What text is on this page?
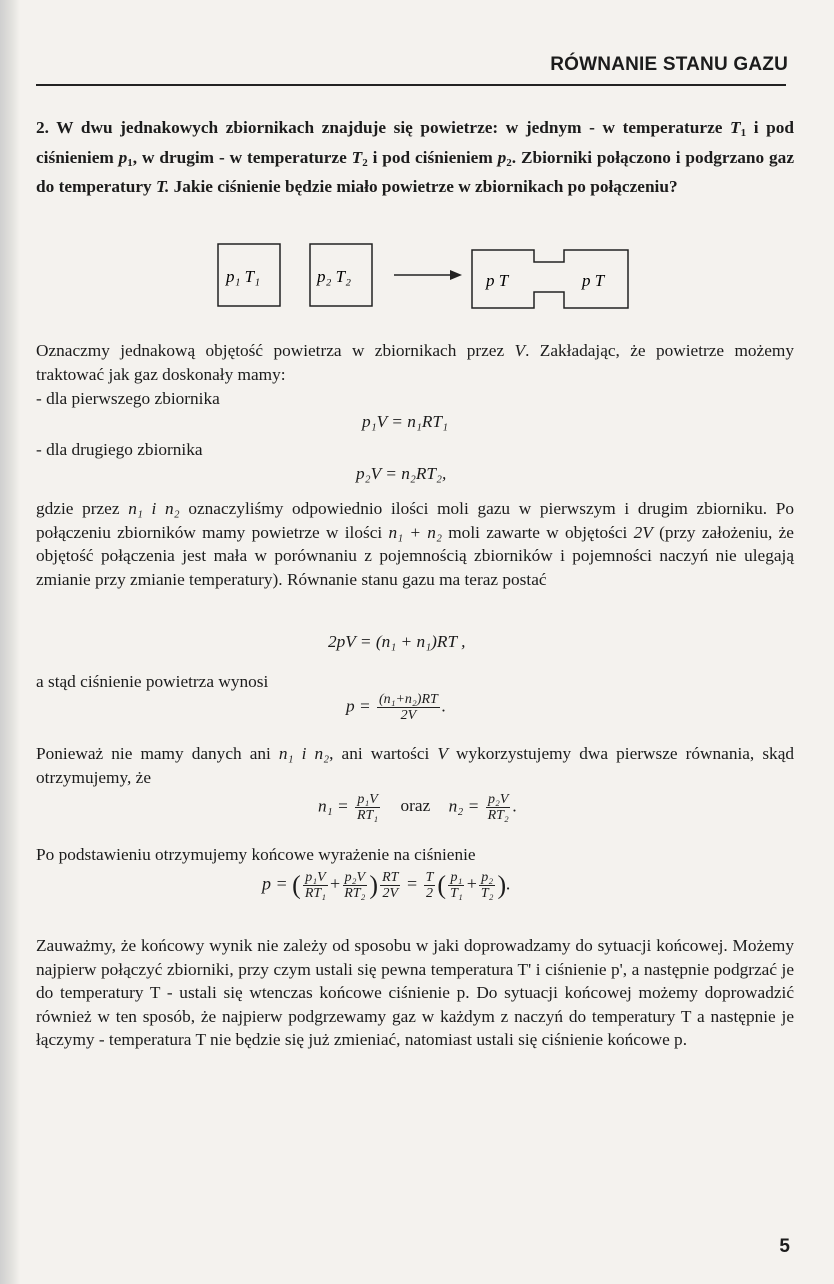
RÓWNANIE STANU GAZU
2. W dwu jednakowych zbiornikach znajduje się powietrze: w jednym - w temperaturze $T_1$ i pod ciśnieniem $p_1$, w drugim - w temperaturze $T_2$ i pod ciśnieniem $p_2$. Zbiorniki połączono i podgrzano gaz do temperatury T. Jakie ciśnienie będzie miało powietrze w zbiornikach po połączeniu?
p₁ T₁	p₂ T₂	p T	p T
Oznaczmy jednakową objętość powietrza w zbiornikach przez V. Zakładając, że powietrze możemy traktować jak gaz doskonały mamy:
- dla pierwszego zbiornika
p₁V = n₁RT₁
- dla drugiego zbiornika
p₂V = n₂RT₂,
gdzie przez n₁ i n₂ oznaczyliśmy odpowiednio ilości moli gazu w pierwszym i drugim zbiorniku. Po połączeniu zbiorników mamy powietrze w ilości n₁ + n₂ moli zawarte w objętości 2V (przy założeniu, że objętość połączenia jest mała w porównaniu z pojemnością zbiorników i pojemności naczyń nie ulegają zmianie przy zmianie temperatury). Równanie stanu gazu ma teraz postać
2pV = (n₁ + n₁)RT ,
a stąd ciśnienie powietrza wynosi
$p = \frac{\text{(n₁+n₂)RT}}{2V}$ .
Ponieważ nie mamy danych ani n₁ i n₂, ani wartości V wykorzystujemy dwa pierwsze równania, skąd otrzymujemy, że
$n_1 = \frac{\text{p₁V}}{\text{RT₁}}$ oraz $n_2 = \frac{\text{p₂V}}{\text{RT₂}}$ .
Po podstawieniu otrzymujemy końcowe wyrażenie na ciśnienie
p = ( $\frac{\text{p₁V}}{\text{RT₁}} + \frac{\text{p₂V}}{\text{RT₂}}$ ) $\frac{RT}{2V} = \frac{T}{2}$ ( $\frac{\text{p₁}}{\text{T₁}} + \frac{\text{p₂}}{\text{T₂}}$ ).
Zauważmy, że końcowy wynik nie zależy od sposobu w jaki doprowadzamy do sytuacji końcowej. Możemy najpierw połączyć zbiorniki, przy czym ustali się pewna temperatura T' i ciśnienie p', a następnie podgrzać je do temperatury T - ustali się wtenczas końcowe ciśnienie p. Do sytuacji końcowej możemy doprowadzić również w ten sposób, że najpierw podgrzewamy gaz w każdym z naczyń do temperatury T a następnie je łączymy - temperatura T nie będzie się już zmieniać, natomiast ustali się ciśnienie końcowe p.
5
